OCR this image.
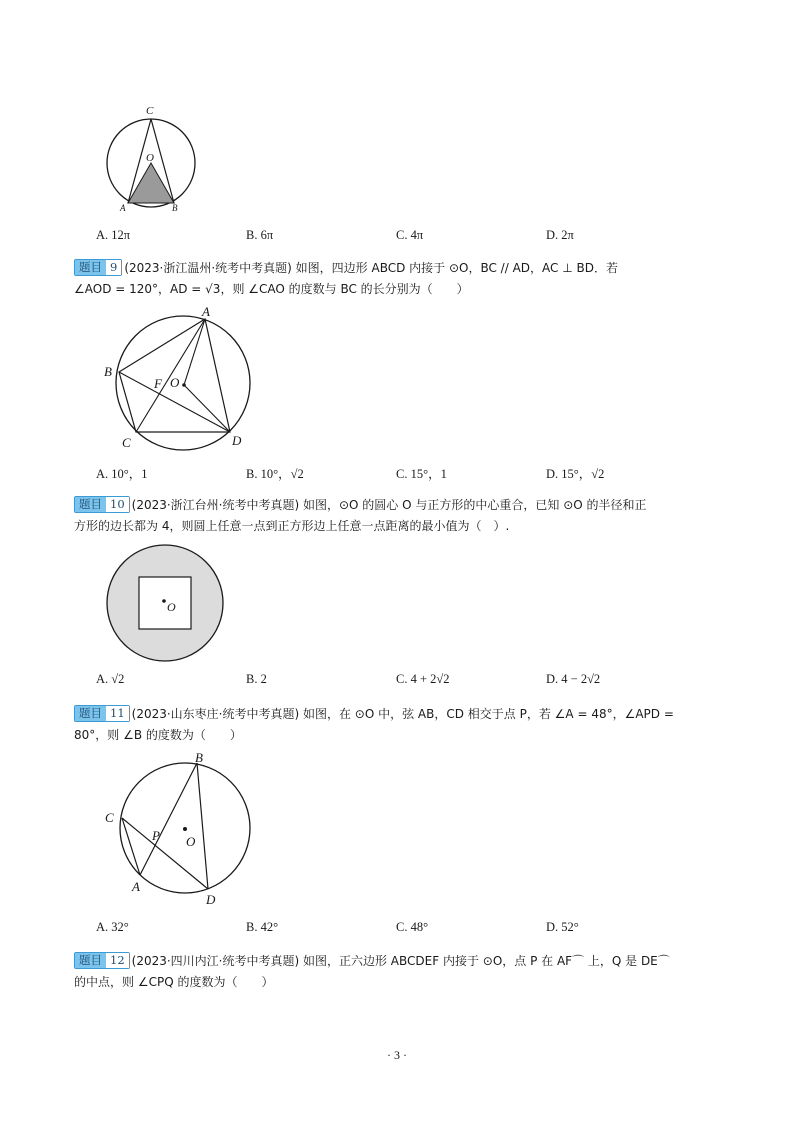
C
O
A	B
A. 12π	B. 6π	C. 4π	D. 2π
题目 9 (2023·浙江温州·统考中考真题) 如图，四边形 ABCD 内接于 ⊙O，BC // AD，AC ⊥ BD．若
∠AOD = 120°，AD = √3，则 ∠CAO 的度数与 BC 的长分别为（　　）
A
B
C	D
F O
A. 10°，1	B. 10°，√2	C. 15°，1	D. 15°，√2
题目 10 (2023·浙江台州·统考中考真题) 如图，⊙O 的圆心 O 与正方形的中心重合，已知 ⊙O 的半径和正
方形的边长都为 4，则圆上任意一点到正方形边上任意一点距离的最小值为（　）.
O
A. √2	B. 2	C. 4 + 2√2	D. 4 − 2√2
题目 11 (2023·山东枣庄·统考中考真题) 如图，在 ⊙O 中，弦 AB，CD 相交于点 P，若 ∠A = 48°，∠APD =
80°，则 ∠B 的度数为（　　）
B
C
P O
A
D
A. 32°	B. 42°	C. 48°	D. 52°
题目 12 (2023·四川内江·统考中考真题) 如图，正六边形 ABCDEF 内接于 ⊙O，点 P 在 AF⌒ 上，Q 是 DE⌒
的中点，则 ∠CPQ 的度数为（　　）
· 3 ·
